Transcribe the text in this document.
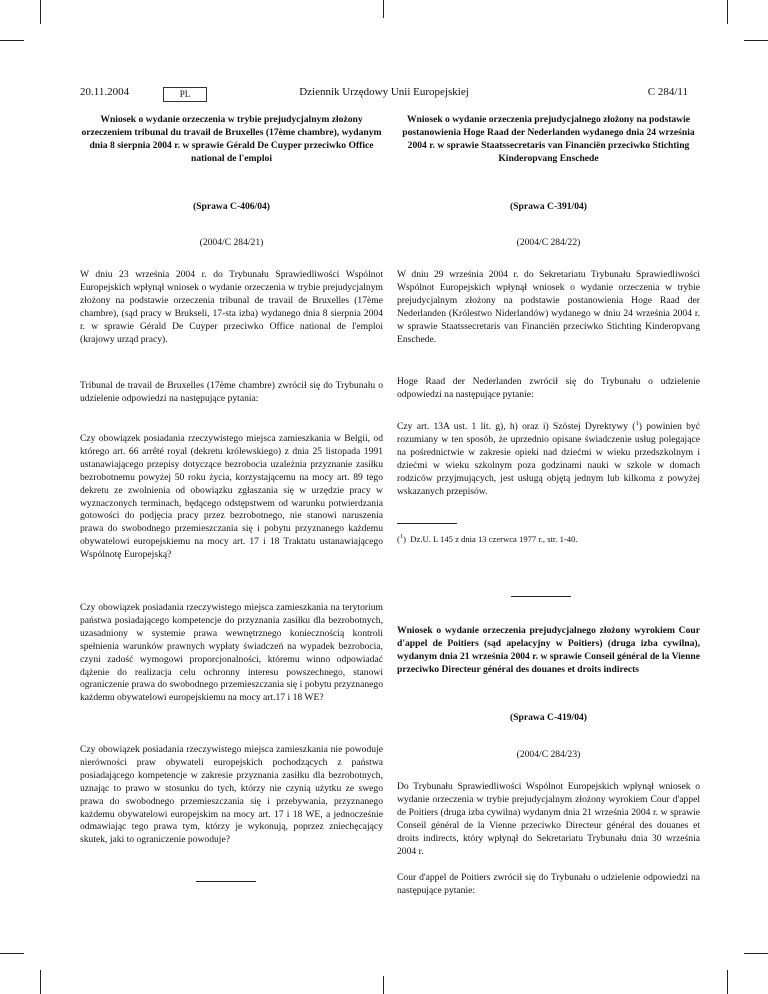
20.11.2004	PL	Dziennik Urzędowy Unii Europejskiej	C 284/11

Wniosek o wydanie orzeczenia w trybie prejudycjalnym złożony orzeczeniem tribunal du travail de Bruxelles (17ème chambre), wydanym dnia 8 sierpnia 2004 r. w sprawie Gérald De Cuyper przeciwko Office national de l'emploi

(Sprawa C-406/04)
(2004/C 284/21)
W dniu 23 września 2004 r. do Trybunału Sprawiedliwości Wspólnot Europejskich wpłynął wniosek o wydanie orzeczenia w trybie prejudycjalnym złożony na podstawie orzeczenia tribunal de travail de Bruxelles (17ème chambre), (sąd pracy w Brukseli, 17-sta izba) wydanego dnia 8 sierpnia 2004 r. w sprawie Gérald De Cuyper przeciwko Office national de l'emploi (krajowy urząd pracy).
Tribunal de travail de Bruxelles (17ème chambre) zwrócił się do Trybunału o udzielenie odpowiedzi na następujące pytania:
Czy obowiązek posiadania rzeczywistego miejsca zamieszkania w Belgii, od którego art. 66 arrêté royal (dekretu królewskiego) z dnia 25 listopada 1991 ustanawiającego przepisy dotyczące bezrobocia uzależnia przyznanie zasiłku bezrobotnemu powyżej 50 roku życia, korzystającemu na mocy art. 89 tego dekretu ze zwolnienia od obowiązku zgłaszania się w urzędzie pracy w wyznaczonych terminach, będącego odstępstwem od warunku potwierdzania gotowości do podjęcia pracy przez bezrobotnego, nie stanowi naruszenia prawa do swobodnego przemieszczania się i pobytu przyznanego każdemu obywatelowi europejskiemu na mocy art. 17 i 18 Traktatu ustanawiającego Wspólnotę Europejską?
Czy obowiązek posiadania rzeczywistego miejsca zamieszkania na terytorium państwa posiadającego kompetencje do przyznania zasiłku dla bezrobotnych, uzasadniony w systemie prawa wewnętrznego koniecznością kontroli spełnienia warunków prawnych wypłaty świadczeń na wypadek bezrobocia, czyni zadość wymogowi proporcjonalności, któremu winno odpowiadać dążenie do realizacja celu ochronny interesu powszechnego, stanowi ograniczenie prawa do swobodnego przemieszczania się i pobytu przyznanego każdemu obywatelowi europejskiemu na mocy art.17 i 18 WE?
Czy obowiązek posiadania rzeczywistego miejsca zamieszkania nie powoduje nierówności praw obywateli europejskich pochodzących z państwa posiadającego kompetencje w zakresie przyznania zasiłku dla bezrobotnych, uznając to prawo w stosunku do tych, którzy nie czynią użytku ze swego prawa do swobodnego przemieszczania się i przebywania, przyznanego każdemu obywatelowi europejskim na mocy art. 17 i 18 WE, a jednocześnie odmawiając tego prawa tym, którzy je wykonują, poprzez zniechęcający skutek, jaki to ograniczenie powoduje?
Wniosek o wydanie orzeczenia prejudycjalnego złożony na podstawie postanowienia Hoge Raad der Nederlanden wydanego dnia 24 września 2004 r. w sprawie Staatssecretaris van Financiën przeciwko Stichting Kinderopvang Enschede
(Sprawa C-391/04)
(2004/C 284/22)
W dniu 29 września 2004 r. do Sekretariatu Trybunału Sprawiedliwości Wspólnot Europejskich wpłynął wniosek o wydanie orzeczenia w trybie prejudycjalnym złożony na podstawie postanowienia Hoge Raad der Nederlanden (Królestwo Niderlandów) wydanego w dniu 24 września 2004 r. w sprawie Staatssecretaris van Financiën przeciwko Stichting Kinderopvang Enschede.
Hoge Raad der Nederlanden zwrócił się do Trybunału o udzielenie odpowiedzi na następujące pytanie:
Czy art. 13A ust. 1 lit. g), h) oraz i) Szóstej Dyrektywy ($^1$) powinien być rozumiany w ten sposób, że uprzednio opisane świadczenie usług polegające na pośrednictwie w zakresie opieki nad dziećmi w wieku przedszkolnym i dziećmi w wieku szkolnym poza godzinami nauki w szkole w domach rodziców przyjmujących, jest usługą objętą jednym lub kilkoma z powyżej wskazanych przepisów.
($^1$)  Dz.U. L 145 z dnia 13 czerwca 1977 r., str. 1-40.
Wniosek o wydanie orzeczenia prejudycjalnego złożony wyrokiem Cour d'appel de Poitiers (sąd apelacyjny w Poitiers) (druga izba cywilna), wydanym dnia 21 września 2004 r. w sprawie Conseil général de la Vienne przeciwko Directeur général des douanes et droits indirects
(Sprawa C-419/04)
(2004/C 284/23)
Do Trybunału Sprawiedliwości Wspólnot Europejskich wpłynął wniosek o wydanie orzeczenia w trybie prejudycjalnym złożony wyrokiem Cour d'appel de Poitiers (druga izba cywilna) wydanym dnia 21 września 2004 r. w sprawie Conseil général de la Vienne przeciwko Directeur général des douanes et droits indirects, który wpłynął do Sekretariatu Trybunału dnia 30 września 2004 r.
Cour d'appel de Poitiers zwrócił się do Trybunału o udzielenie odpowiedzi na następujące pytanie:
